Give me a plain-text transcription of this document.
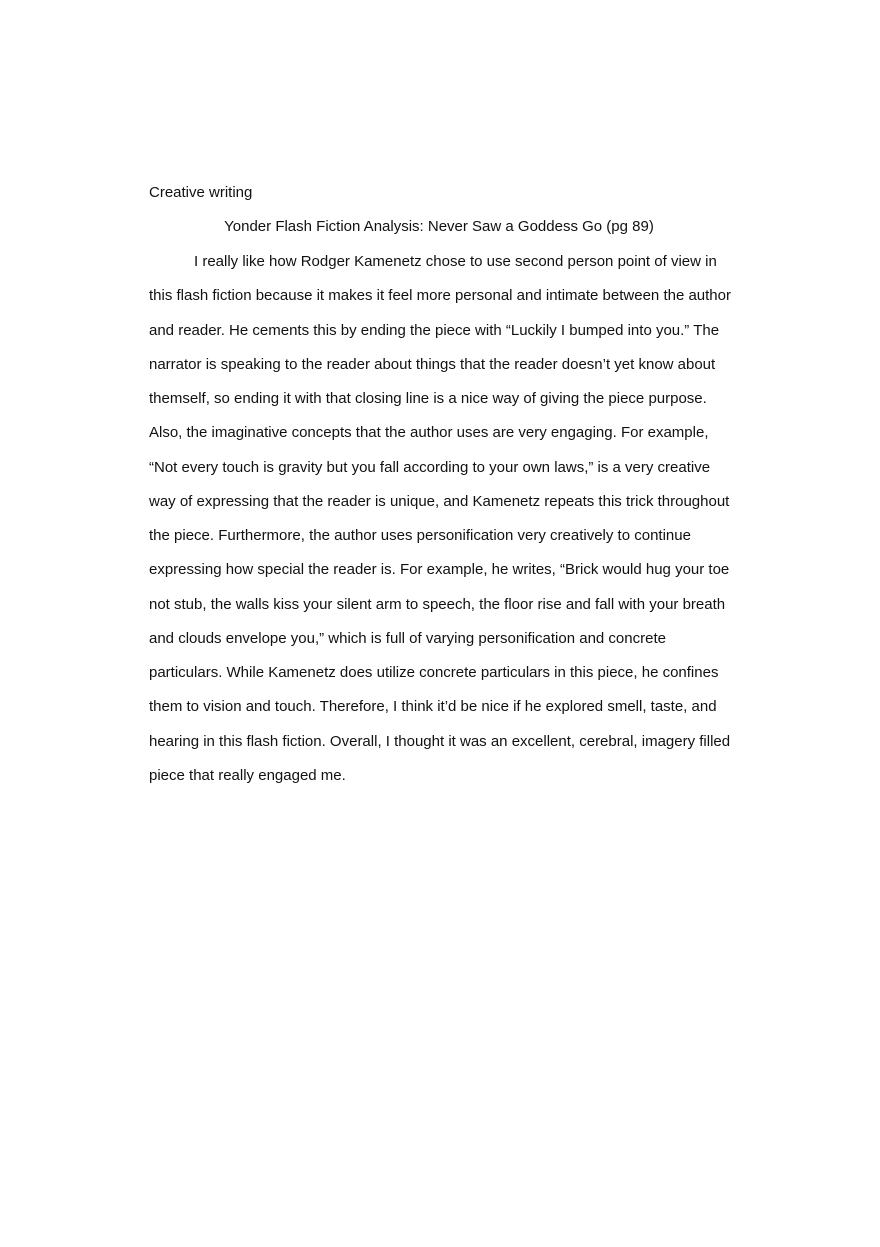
Creative writing
Yonder Flash Fiction Analysis: Never Saw a Goddess Go (pg 89)
I really like how Rodger Kamenetz chose to use second person point of view in
this flash fiction because it makes it feel more personal and intimate between the author
and reader. He cements this by ending the piece with “Luckily I bumped into you.” The
narrator is speaking to the reader about things that the reader doesn’t yet know about
themself, so ending it with that closing line is a nice way of giving the piece purpose.
Also, the imaginative concepts that the author uses are very engaging. For example,
“Not every touch is gravity but you fall according to your own laws,” is a very creative
way of expressing that the reader is unique, and Kamenetz repeats this trick throughout
the piece. Furthermore, the author uses personification very creatively to continue
expressing how special the reader is. For example, he writes, “Brick would hug your toe
not stub, the walls kiss your silent arm to speech, the floor rise and fall with your breath
and clouds envelope you,” which is full of varying personification and concrete
particulars. While Kamenetz does utilize concrete particulars in this piece, he confines
them to vision and touch. Therefore, I think it’d be nice if he explored smell, taste, and
hearing in this flash fiction. Overall, I thought it was an excellent, cerebral, imagery filled
piece that really engaged me.
